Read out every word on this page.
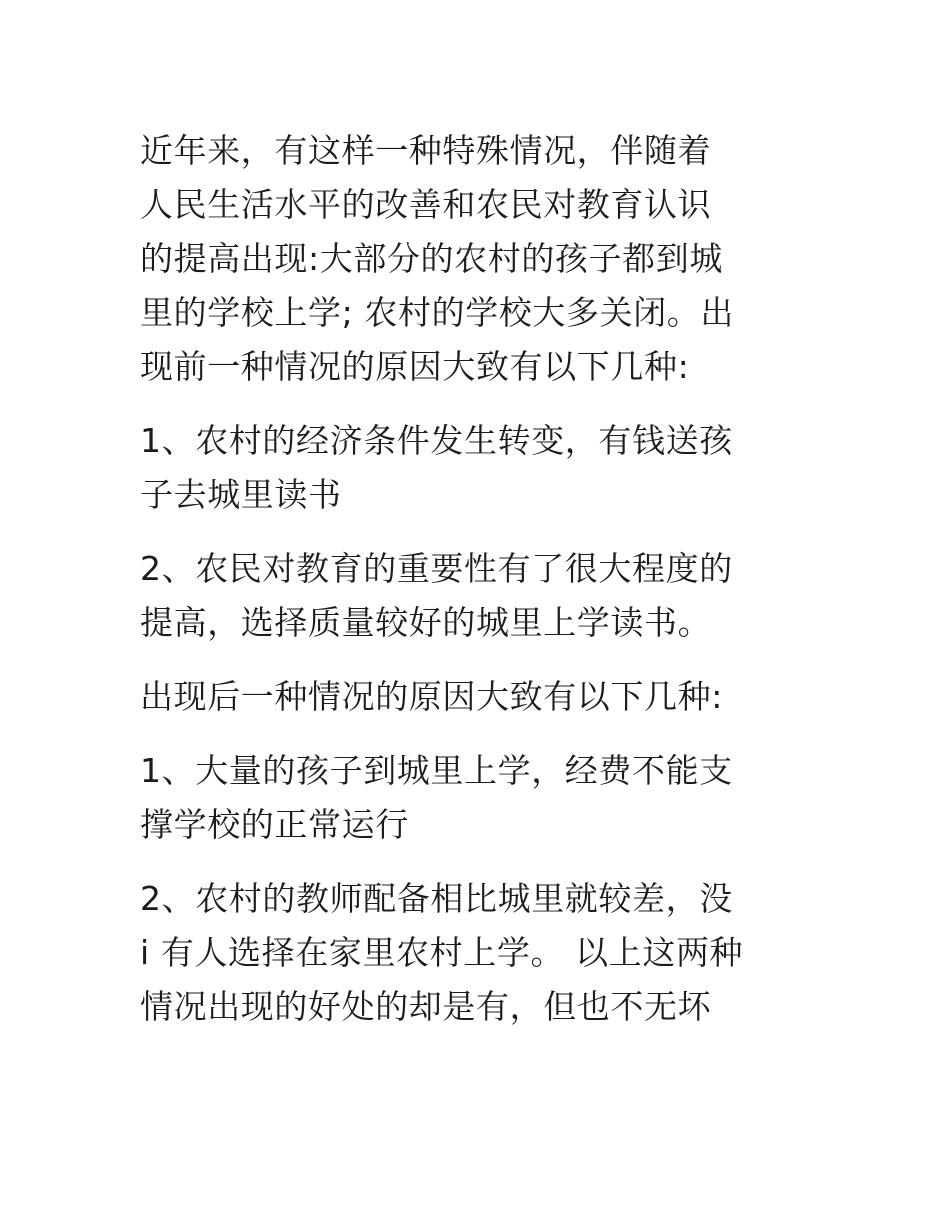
近年来，有这样一种特殊情况，伴随着
人民生活水平的改善和农民对教育认识
的提高出现:大部分的农村的孩子都到城
里的学校上学; 农村的学校大多关闭。出
现前一种情况的原因大致有以下几种:

1、农村的经济条件发生转变，有钱送孩
子去城里读书

2、农民对教育的重要性有了很大程度的
提高，选择质量较好的城里上学读书。

出现后一种情况的原因大致有以下几种:

1、大量的孩子到城里上学，经费不能支
撑学校的正常运行

2、农村的教师配备相比城里就较差，没
i 有人选择在家里农村上学。 以上这两种
情况出现的好处的却是有，但也不无坏
